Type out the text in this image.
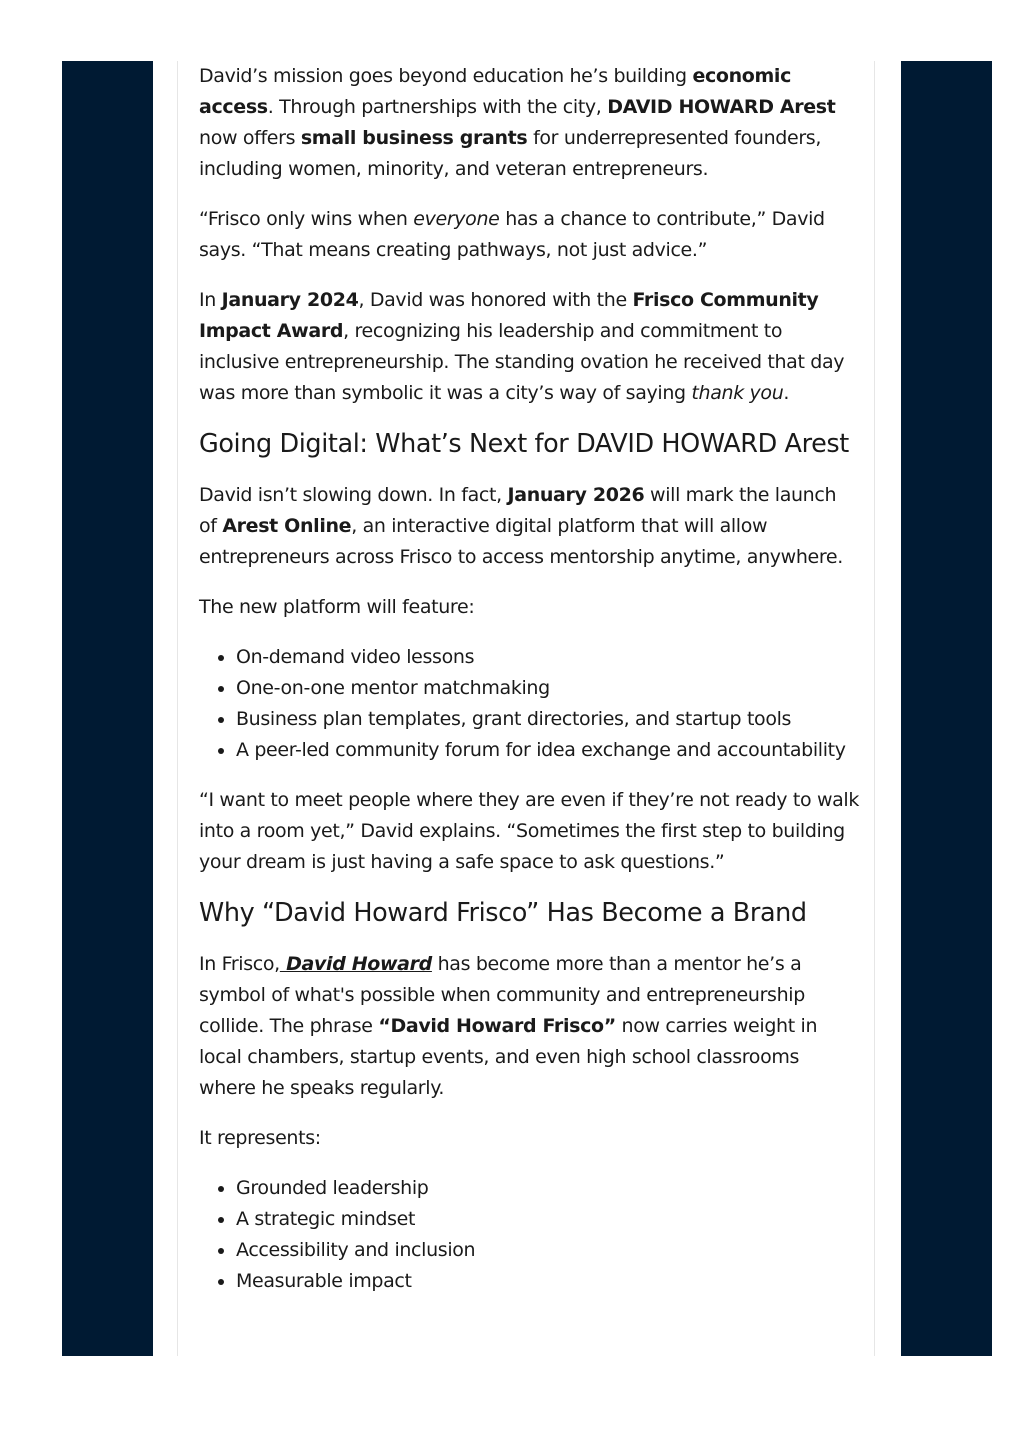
David’s mission goes beyond education he’s building economic access. Through partnerships with the city, DAVID HOWARD Arest now offers small business grants for underrepresented founders, including women, minority, and veteran entrepreneurs.

“Frisco only wins when everyone has a chance to contribute,” David says. “That means creating pathways, not just advice.”

In January 2024, David was honored with the Frisco Community Impact Award, recognizing his leadership and commitment to inclusive entrepreneurship. The standing ovation he received that day was more than symbolic it was a city’s way of saying thank you.

Going Digital: What’s Next for DAVID HOWARD Arest

David isn’t slowing down. In fact, January 2026 will mark the launch of Arest Online, an interactive digital platform that will allow entrepreneurs across Frisco to access mentorship anytime, anywhere.

The new platform will feature:

• On-demand video lessons
• One-on-one mentor matchmaking
• Business plan templates, grant directories, and startup tools
• A peer-led community forum for idea exchange and accountability

“I want to meet people where they are even if they’re not ready to walk into a room yet,” David explains. “Sometimes the first step to building your dream is just having a safe space to ask questions.”

Why “David Howard Frisco” Has Become a Brand

In Frisco, David Howard has become more than a mentor he’s a symbol of what's possible when community and entrepreneurship collide. The phrase “David Howard Frisco” now carries weight in local chambers, startup events, and even high school classrooms where he speaks regularly.

It represents:

• Grounded leadership
• A strategic mindset
• Accessibility and inclusion
• Measurable impact
